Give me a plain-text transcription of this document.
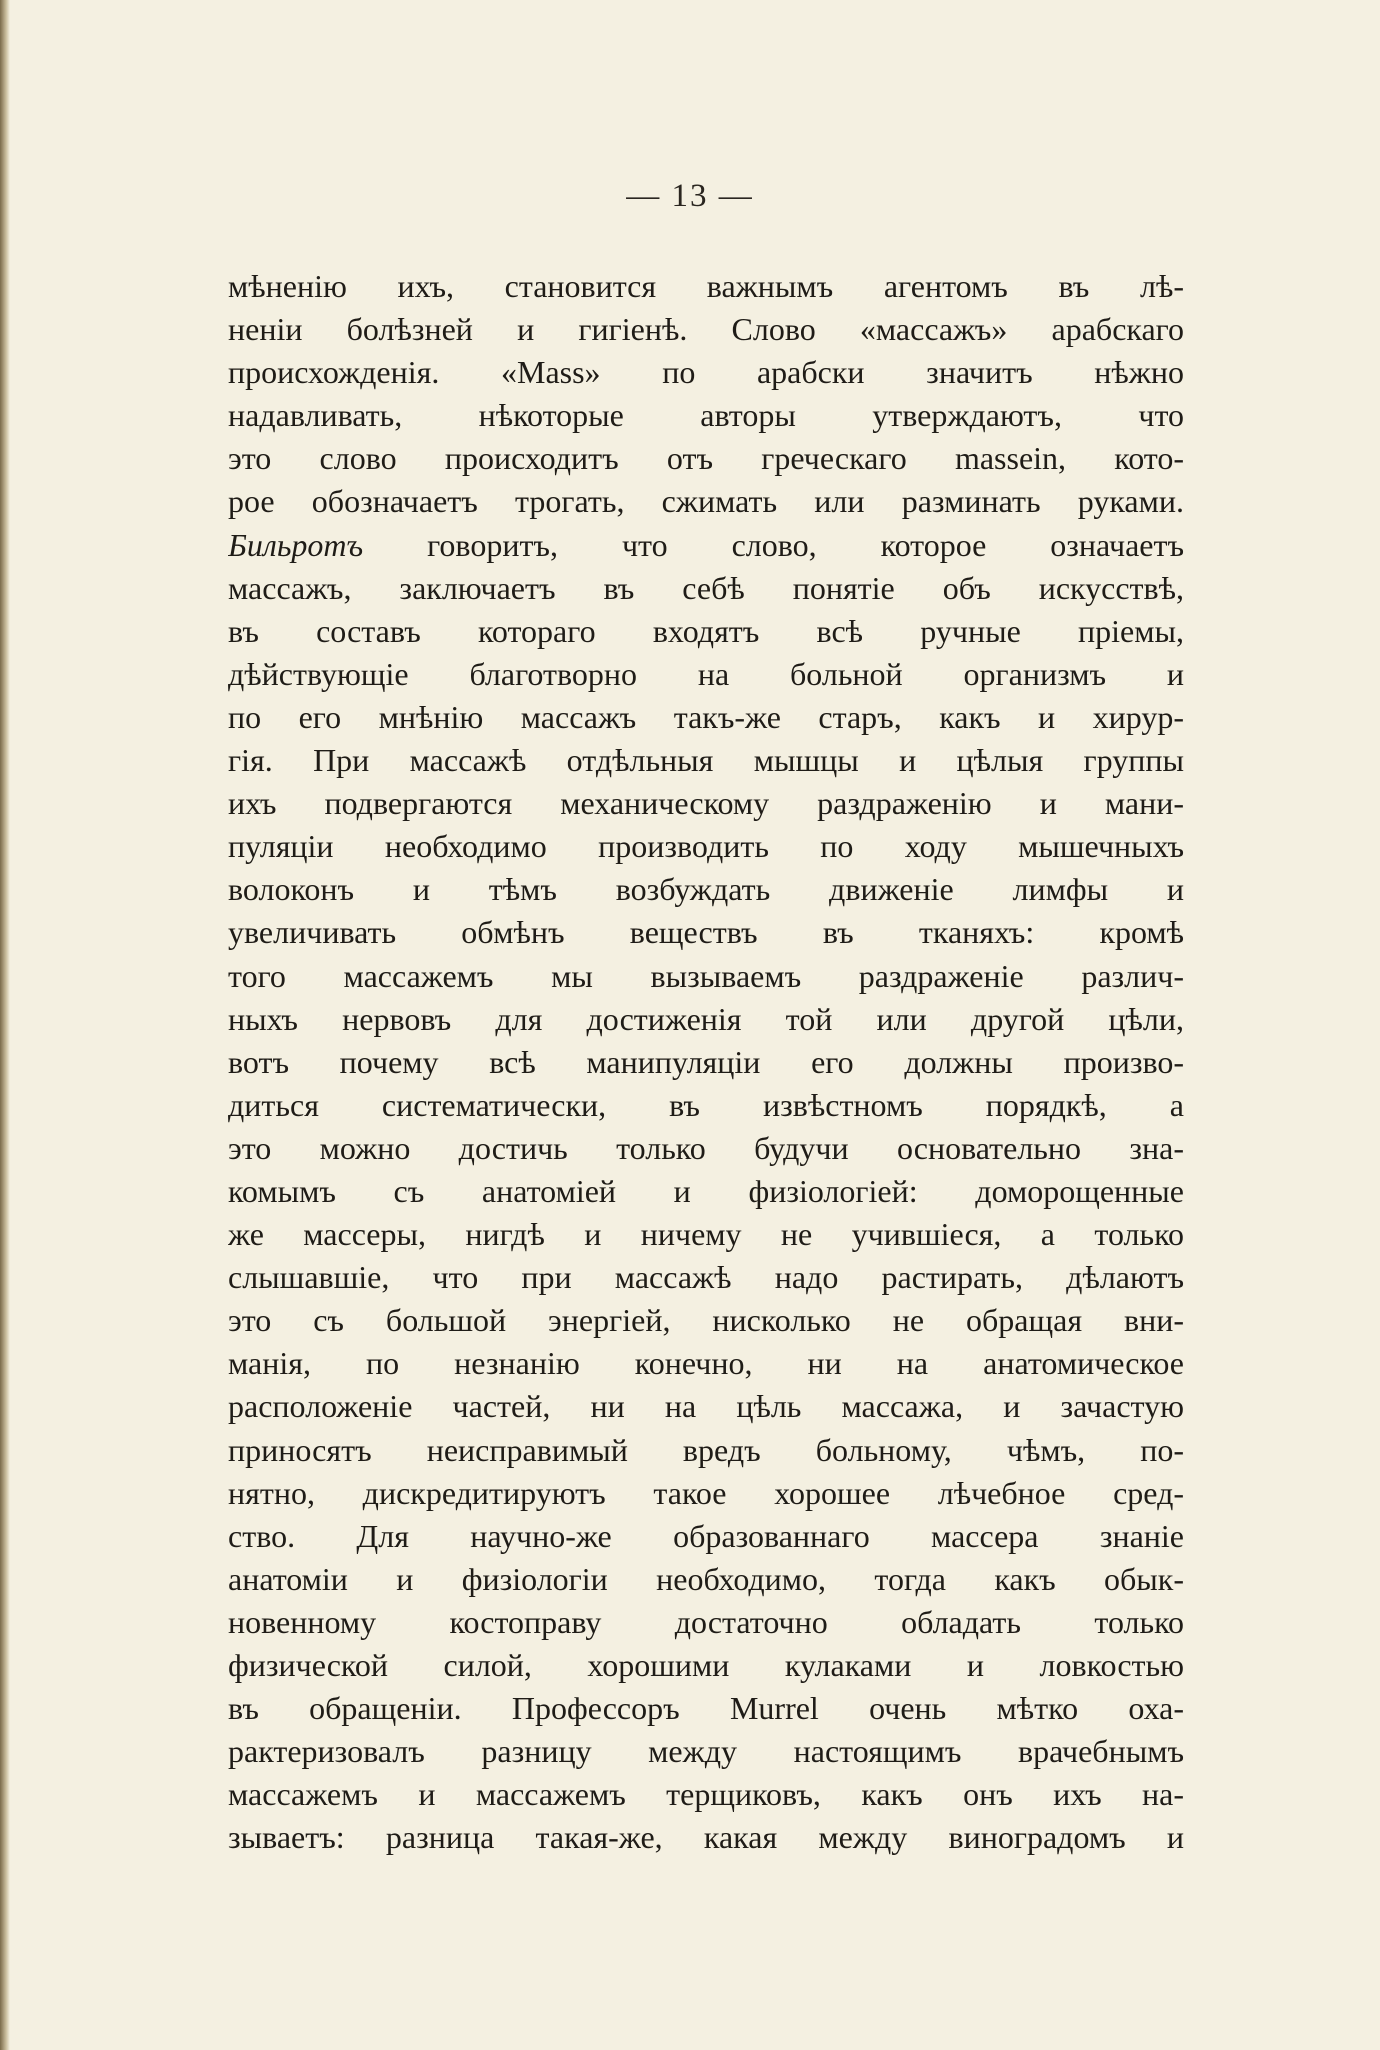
— 13 —
мѣненію ихъ, становится важнымъ агентомъ въ лѣ-
неніи болѣзней и гигіенѣ. Слово «массажъ» арабскаго
происхожденія. «Mass» по арабски значитъ нѣжно
надавливать, нѣкоторые авторы утверждаютъ, что
это слово происходитъ отъ греческаго masseіn, кото-
рое обозначаетъ трогать, сжимать или разминать руками.
Бильротъ говоритъ, что слово, которое означаетъ
массажъ, заключаетъ въ себѣ понятіе объ искусствѣ,
въ составъ котораго входятъ всѣ ручные пріемы,
дѣйствующіе благотворно на больной организмъ и
по его мнѣнію массажъ такъ-же старъ, какъ и хирур-
гія. При массажѣ отдѣльныя мышцы и цѣлыя группы
ихъ подвергаются механическому раздраженію и мани-
пуляціи необходимо производить по ходу мышечныхъ
волоконъ и тѣмъ возбуждать движеніе лимфы и
увеличивать обмѣнъ веществъ въ тканяхъ: кромѣ
того массажемъ мы вызываемъ раздраженіе различ-
ныхъ нервовъ для достиженія той или другой цѣли,
вотъ почему всѣ манипуляціи его должны произво-
диться систематически, въ извѣстномъ порядкѣ, а
это можно достичь только будучи основательно зна-
комымъ съ анатоміей и физіологіей: доморощенные
же массеры, нигдѣ и ничему не учившіеся, а только
слышавшіе, что при массажѣ надо растирать, дѣлаютъ
это съ большой энергіей, нисколько не обращая вни-
манія, по незнанію конечно, ни на анатомическое
расположеніе частей, ни на цѣль массажа, и зачастую
приносятъ неисправимый вредъ больному, чѣмъ, по-
нятно, дискредитируютъ такое хорошее лѣчебное сред-
ство. Для научно-же образованнаго массера знаніе
анатоміи и физіологіи необходимо, тогда какъ обык-
новенному костоправу достаточно обладать только
физической силой, хорошими кулаками и ловкостью
въ обращеніи. Профессоръ Murrel очень мѣтко оха-
рактеризовалъ разницу между настоящимъ врачебнымъ
массажемъ и массажемъ терщиковъ, какъ онъ ихъ на-
зываетъ: разница такая-же, какая между виноградомъ и
